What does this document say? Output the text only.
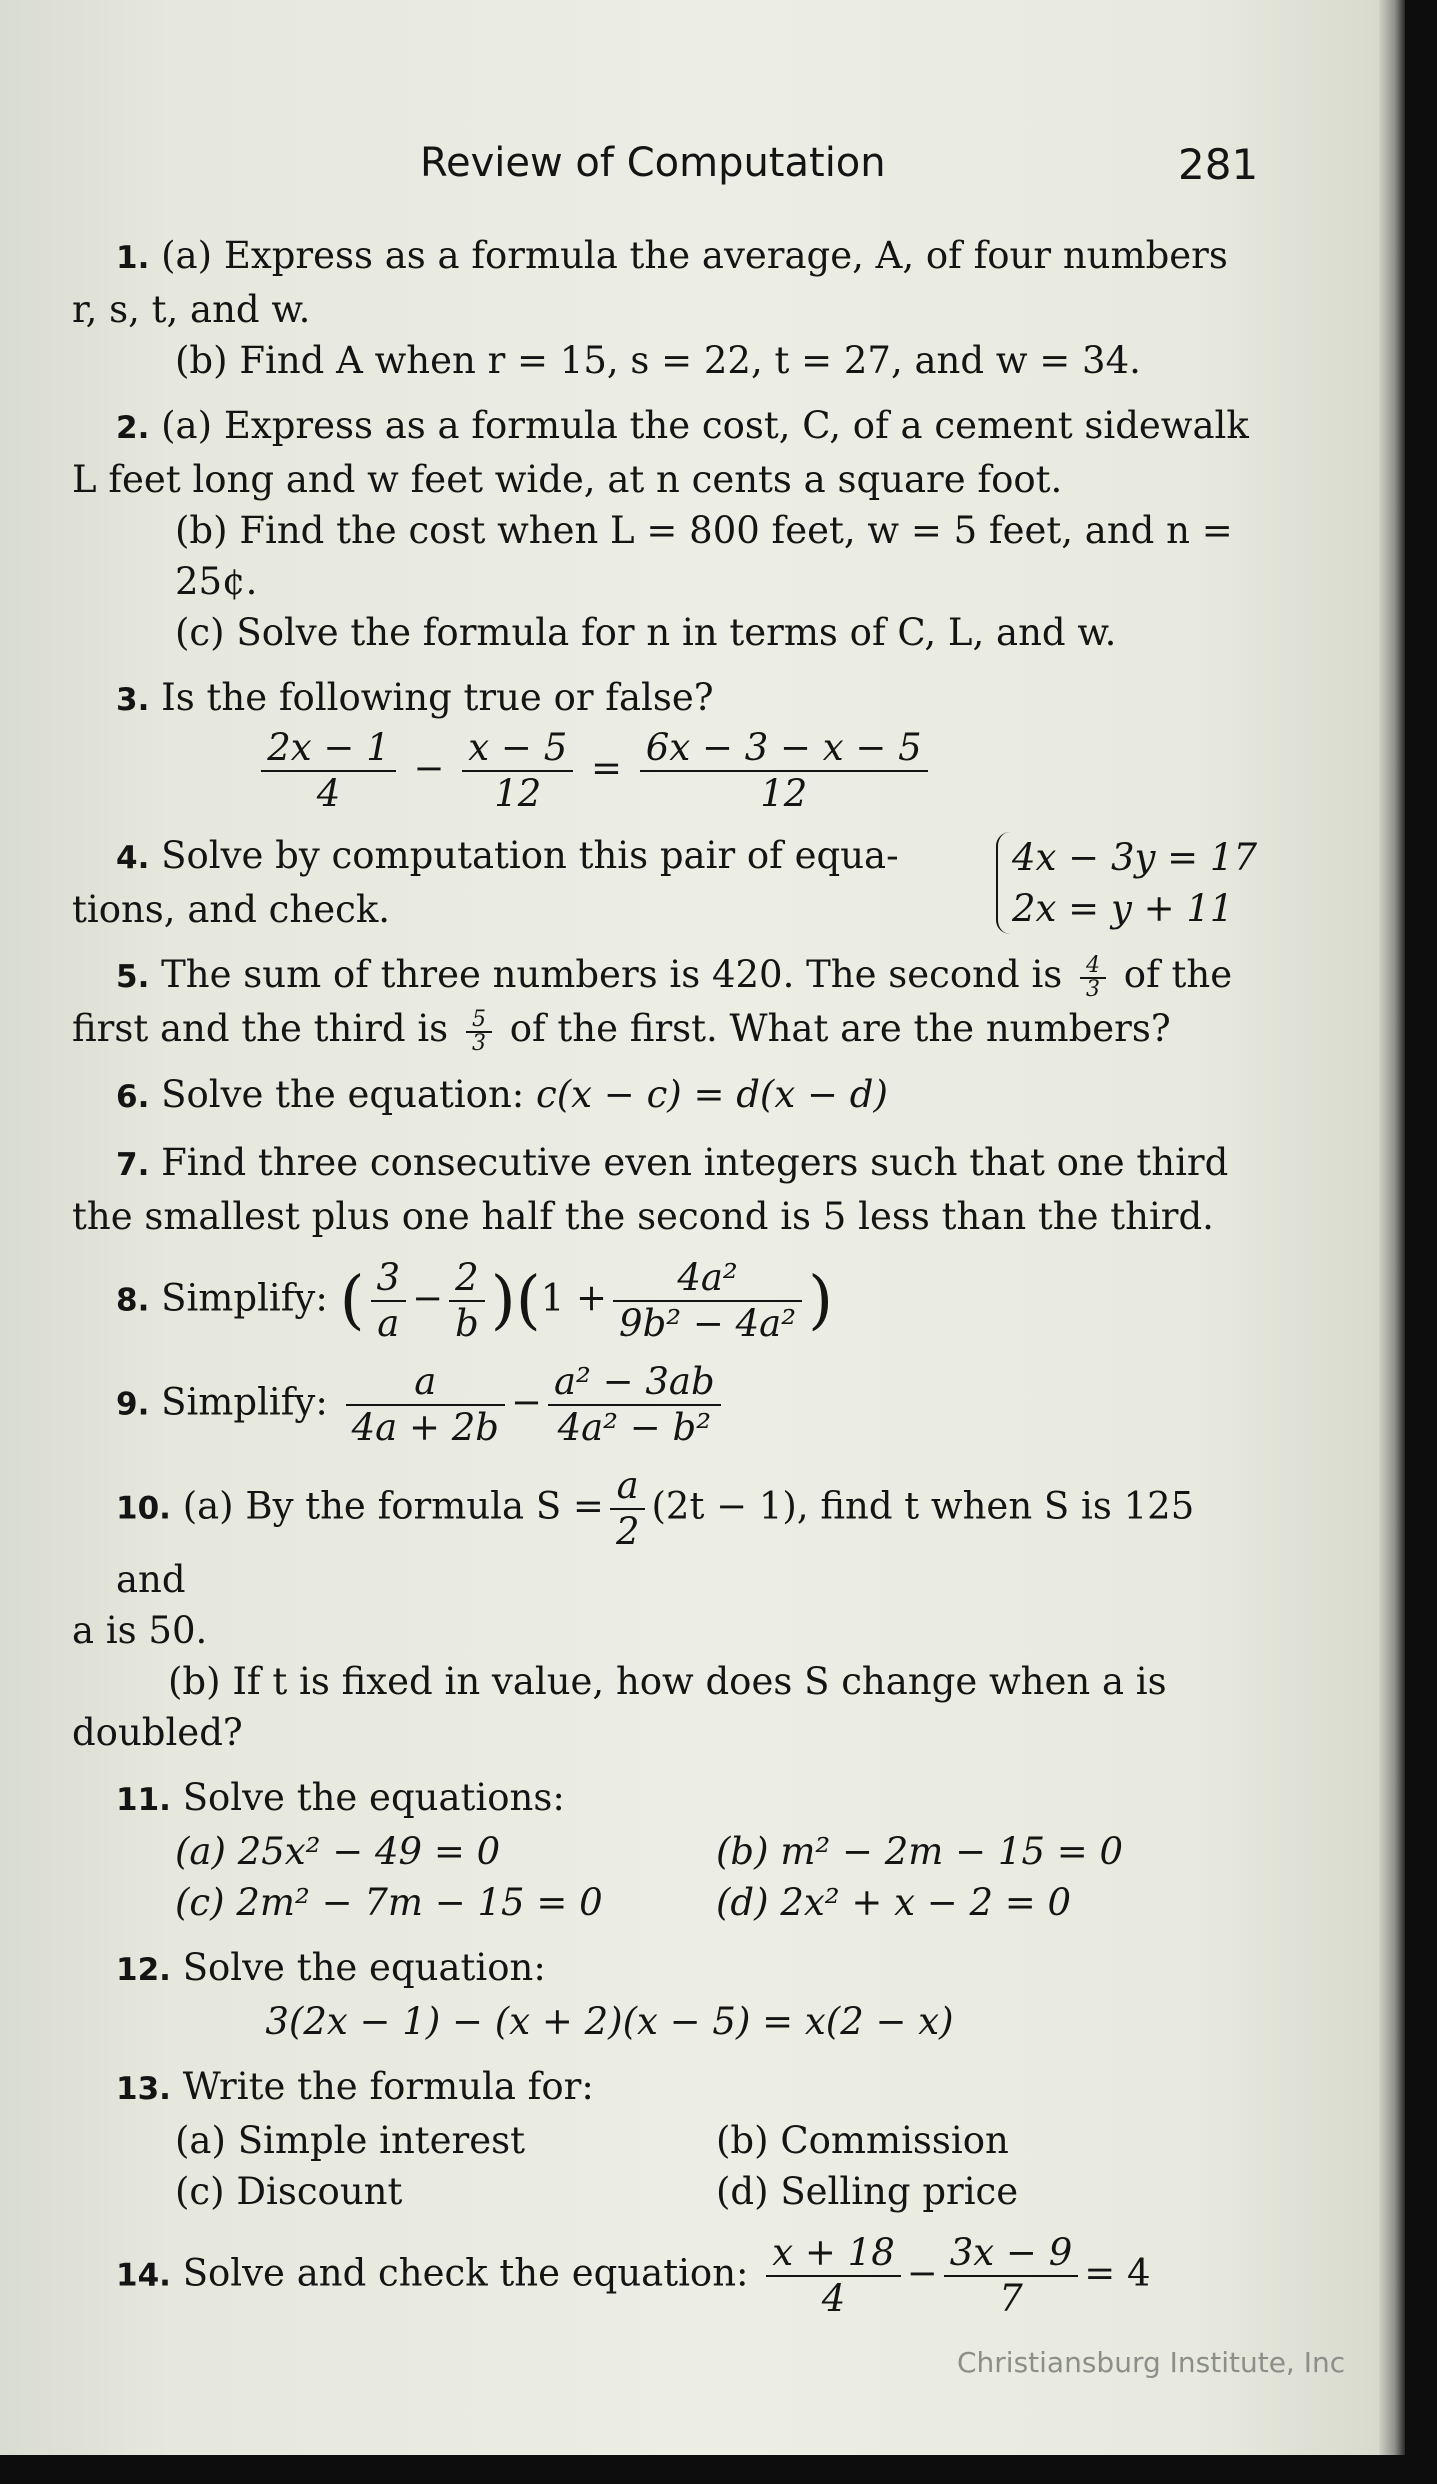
Review of Computation	281

1. (a) Express as a formula the average, A, of four numbers

r, s, t, and w.

(b) Find A when r = 15, s = 22, t = 27, and w = 34.

2. (a) Express as a formula the cost, C, of a cement sidewalk

L feet long and w feet wide, at n cents a square foot.

(b) Find the cost when L = 800 feet, w = 5 feet, and n = 25¢.

(c) Solve the formula for n in terms of C, L, and w.

3. Is the following true or false?

$\frac{2x - 1}{4} - \frac{x - 5}{12} = \frac{6x - 3 - x - 5}{12}$

4. Solve by computation this pair of equa-

tions, and check.

4x − 3y = 17
2x = y + 11

5. The sum of three numbers is 420. The second is $\frac{4}{3}$ of the

first and the third is $\frac{5}{3}$ of the first. What are the numbers?

6. Solve the equation: c(x − c) = d(x − d)

7. Find three consecutive even integers such that one third

the smallest plus one half the second is 5 less than the third.

8. Simplify: ( $\frac{3}{a} - \frac{2}{b} )(1 + \frac{\text{4a²}}{\text{9b² − 4a²}}$ )

9. Simplify: $\frac{a}{4a + 2b} - \frac{\text{a² − 3ab}}{\text{4a² − b²}}$

10. (a) By the formula $S = \frac{a}{2} (2t - 1)$, find t when S is 125 and

a is 50.

(b) If t is fixed in value, how does S change when a is

doubled?

11. Solve the equations:

(a) 25x² − 49 = 0	(b) m² − 2m − 15 = 0
(c) 2m² − 7m − 15 = 0	(d) 2x² + x − 2 = 0

12. Solve the equation:

3(2x − 1) − (x + 2)(x − 5) = x(2 − x)

13. Write the formula for:

(a) Simple interest	(b) Commission
(c) Discount	(d) Selling price

14. Solve and check the equation: $\frac{x + 18}{4} - \frac{3x - 9}{7} = 4$

Christiansburg Institute, Inc
